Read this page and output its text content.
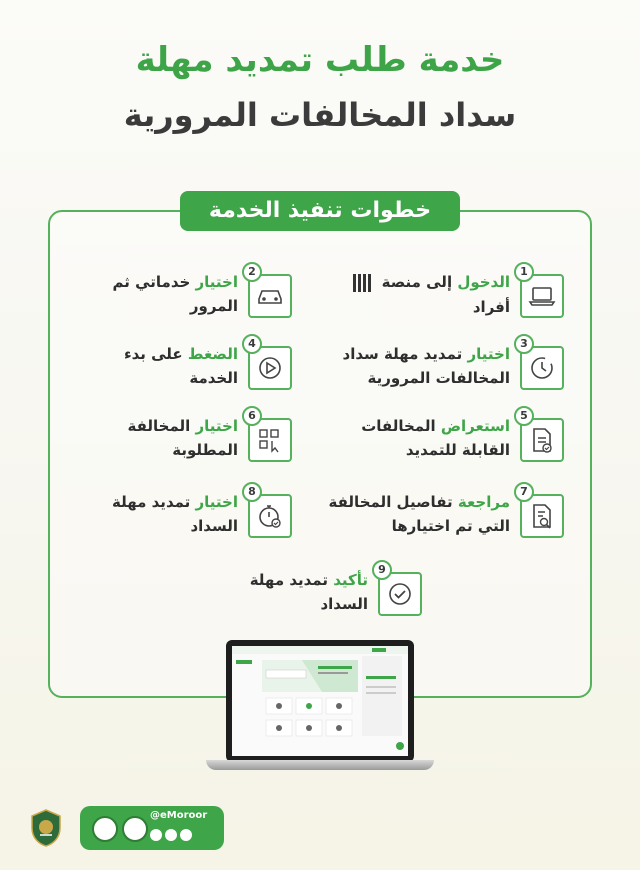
خدمة طلب تمديد مهلة
سداد المخالفات المرورية
خطوات تنفيذ الخدمة
1
الدخول إلى منصة
أفراد
2
اختيار خدماتي ثم
المرور
3
اختيار تمديد مهلة سداد
المخالفات المرورية
4
الضغط على بدء
الخدمة
5
استعراض المخالفات
القابلة للتمديد
6
اختيار المخالفة
المطلوبة
7
مراجعة تفاصيل المخالفة
التي تم اختيارها
8
اختيار تمديد مهلة
السداد
9
تأكيد تمديد مهلة
السداد
@eMoroor
